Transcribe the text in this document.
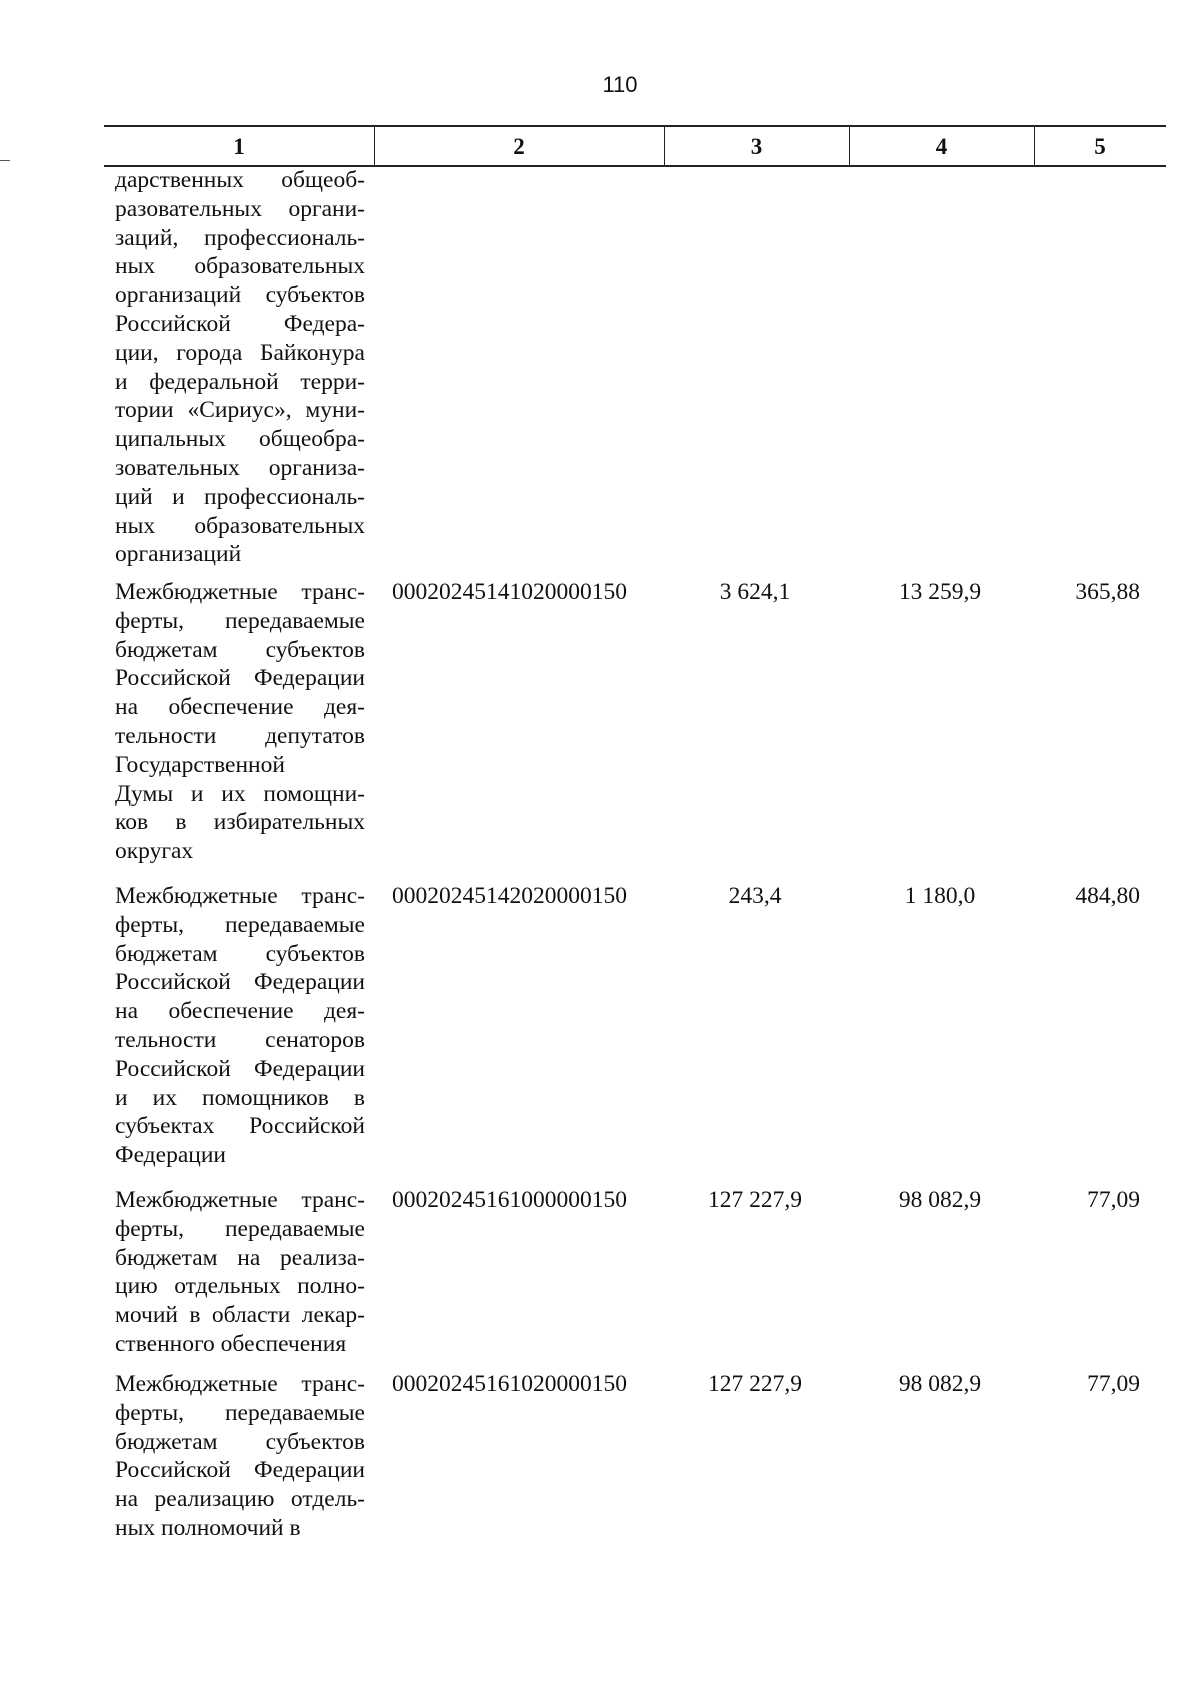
110
1	2	3	4	5
дарственных общеоб-
разовательных органи-
заций, профессиональ-
ных образовательных
организаций субъектов
Российской Федера-
ции, города Байконура
и федеральной терри-
тории «Сириус», муни-
ципальных общеобра-
зовательных организа-
ций и профессиональ-
ных образовательных
организаций
Межбюджетные транс-
ферты, передаваемые
бюджетам субъектов
Российской Федерации
на обеспечение дея-
тельности депутатов
Государственной
Думы и их помощни-
ков в избирательных
округах
00020245141020000150	3 624,1	13 259,9	365,88
Межбюджетные транс-
ферты, передаваемые
бюджетам субъектов
Российской Федерации
на обеспечение дея-
тельности сенаторов
Российской Федерации
и их помощников в
субъектах Российской
Федерации
00020245142020000150	243,4	1 180,0	484,80
Межбюджетные транс-
ферты, передаваемые
бюджетам на реализа-
цию отдельных полно-
мочий в области лекар-
ственного обеспечения
00020245161000000150	127 227,9	98 082,9	77,09
Межбюджетные транс-
ферты, передаваемые
бюджетам субъектов
Российской Федерации
на реализацию отдель-
ных полномочий в
00020245161020000150	127 227,9	98 082,9	77,09
